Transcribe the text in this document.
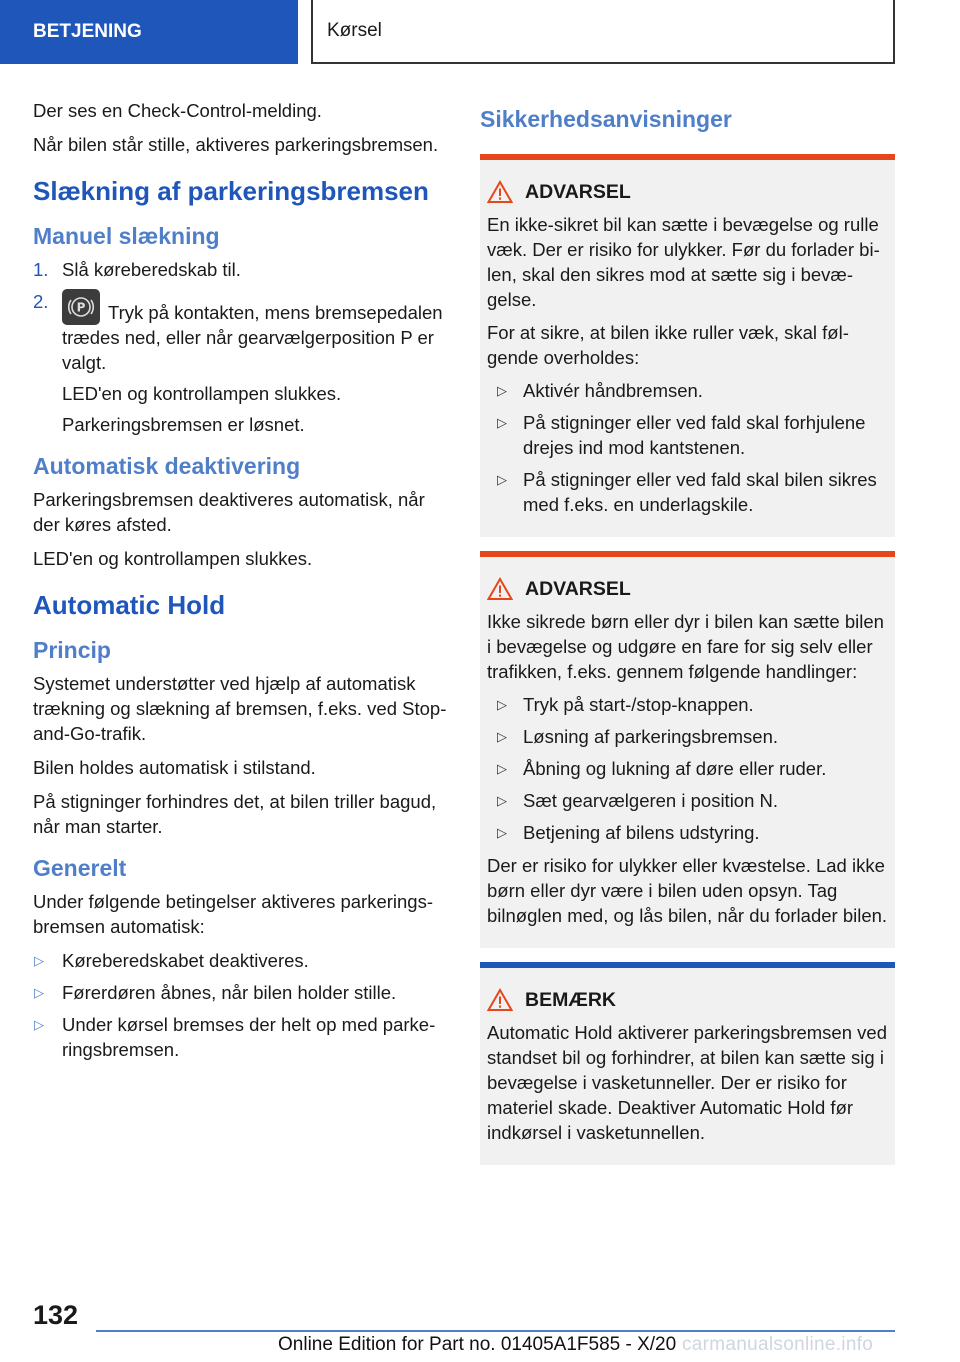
BETJENING	Kørsel

Der ses en Check-Control-melding.

Når bilen står stille, aktiveres parkeringsbremsen.

Slækning af parkeringsbremsen
Manuel slækning
1. Slå køreberedskab til.
2. P Tryk på kontakten, mens bremsepedalen trædes ned, eller når gearvælgerposition P er valgt.

LED'en og kontrollampen slukkes.

Parkeringsbremsen er løsnet.

Automatisk deaktivering

Parkeringsbremsen deaktiveres automatisk, når der køres afsted.

LED'en og kontrollampen slukkes.

Automatic Hold
Princip

Systemet understøtter ved hjælp af automatisk trækning og slækning af bremsen, f.eks. ved Stop-and-Go-trafik.

Bilen holdes automatisk i stilstand.

På stigninger forhindres det, at bilen triller bagud, når man starter.

Generelt

Under følgende betingelser aktiveres parkeringsbremsen automatisk:

▷ Køreberedskabet deaktiveres.
▷ Førerdøren åbnes, når bilen holder stille.
▷ Under kørsel bremses der helt op med parkeringsbremsen.
Sikkerhedsanvisninger
ADVARSEL

En ikke-sikret bil kan sætte i bevægelse og rulle væk. Der er risiko for ulykker. Før du forlader bilen, skal den sikres mod at sætte sig i bevægelse.

For at sikre, at bilen ikke ruller væk, skal følgende overholdes:

▷ Aktivér håndbremsen.
▷ På stigninger eller ved fald skal forhjulene drejes ind mod kantstenen.
▷ På stigninger eller ved fald skal bilen sikres med f.eks. en underlagskile.
ADVARSEL

Ikke sikrede børn eller dyr i bilen kan sætte bilen i bevægelse og udgøre en fare for sig selv eller trafikken, f.eks. gennem følgende handlinger:

▷ Tryk på start-/stop-knappen.
▷ Løsning af parkeringsbremsen.
▷ Åbning og lukning af døre eller ruder.
▷ Sæt gearvælgeren i position N.
▷ Betjening af bilens udstyring.

Der er risiko for ulykker eller kvæstelse. Lad ikke børn eller dyr være i bilen uden opsyn. Tag bilnøglen med, og lås bilen, når du forlader bilen.

BEMÆRK

Automatic Hold aktiverer parkeringsbremsen ved standset bil og forhindrer, at bilen kan sætte sig i bevægelse i vasketunneller. Der er risiko for materiel skade. Deaktiver Automatic Hold før indkørsel i vasketunnellen.

132
Online Edition for Part no. 01405A1F585 - X/20 carmanualsonline.info
